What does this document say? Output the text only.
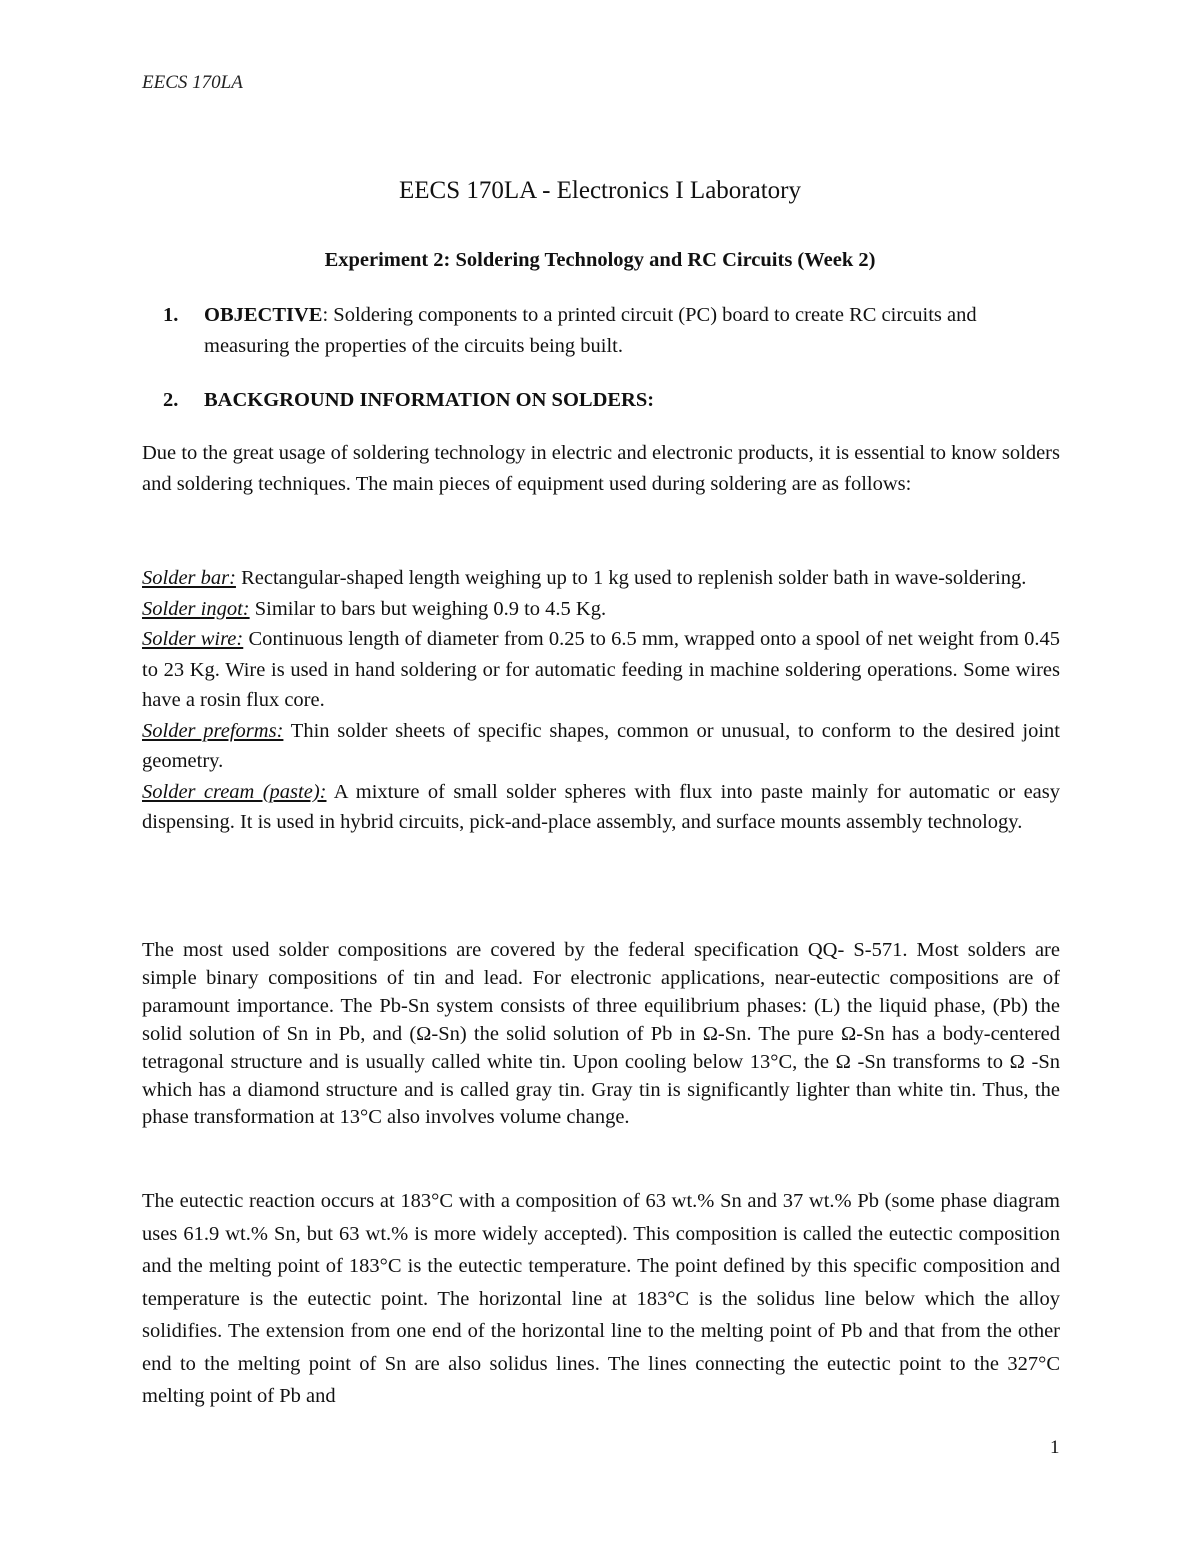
EECS 170LA
EECS 170LA - Electronics I Laboratory
Experiment 2: Soldering Technology and RC Circuits (Week 2)
1. OBJECTIVE: Soldering components to a printed circuit (PC) board to create RC circuits and measuring the properties of the circuits being built.
2. BACKGROUND INFORMATION ON SOLDERS:
Due to the great usage of soldering technology in electric and electronic products, it is essential to know solders and soldering techniques. The main pieces of equipment used during soldering are as follows:

Solder bar: Rectangular-shaped length weighing up to 1 kg used to replenish solder bath in wave-soldering.

Solder ingot: Similar to bars but weighing 0.9 to 4.5 Kg.

Solder wire: Continuous length of diameter from 0.25 to 6.5 mm, wrapped onto a spool of net weight from 0.45 to 23 Kg. Wire is used in hand soldering or for automatic feeding in machine soldering operations. Some wires have a rosin flux core.

Solder preforms: Thin solder sheets of specific shapes, common or unusual, to conform to the desired joint geometry.

Solder cream (paste): A mixture of small solder spheres with flux into paste mainly for automatic or easy dispensing. It is used in hybrid circuits, pick-and-place assembly, and surface mounts assembly technology.

The most used solder compositions are covered by the federal specification QQ- S-571. Most solders are simple binary compositions of tin and lead. For electronic applications, near-eutectic compositions are of paramount importance. The Pb-Sn system consists of three equilibrium phases: (L) the liquid phase, (Pb) the solid solution of Sn in Pb, and (Ω-Sn) the solid solution of Pb in Ω-Sn. The pure Ω-Sn has a body-centered tetragonal structure and is usually called white tin. Upon cooling below 13°C, the Ω -Sn transforms to Ω -Sn which has a diamond structure and is called gray tin. Gray tin is significantly lighter than white tin. Thus, the phase transformation at 13°C also involves volume change.
The eutectic reaction occurs at 183°C with a composition of 63 wt.% Sn and 37 wt.% Pb (some phase diagram uses 61.9 wt.% Sn, but 63 wt.% is more widely accepted). This composition is called the eutectic composition and the melting point of 183°C is the eutectic temperature. The point defined by this specific composition and temperature is the eutectic point. The horizontal line at 183°C is the solidus line below which the alloy solidifies. The extension from one end of the horizontal line to the melting point of Pb and that from the other end to the melting point of Sn are also solidus lines. The lines connecting the eutectic point to the 327°C melting point of Pb and
1
